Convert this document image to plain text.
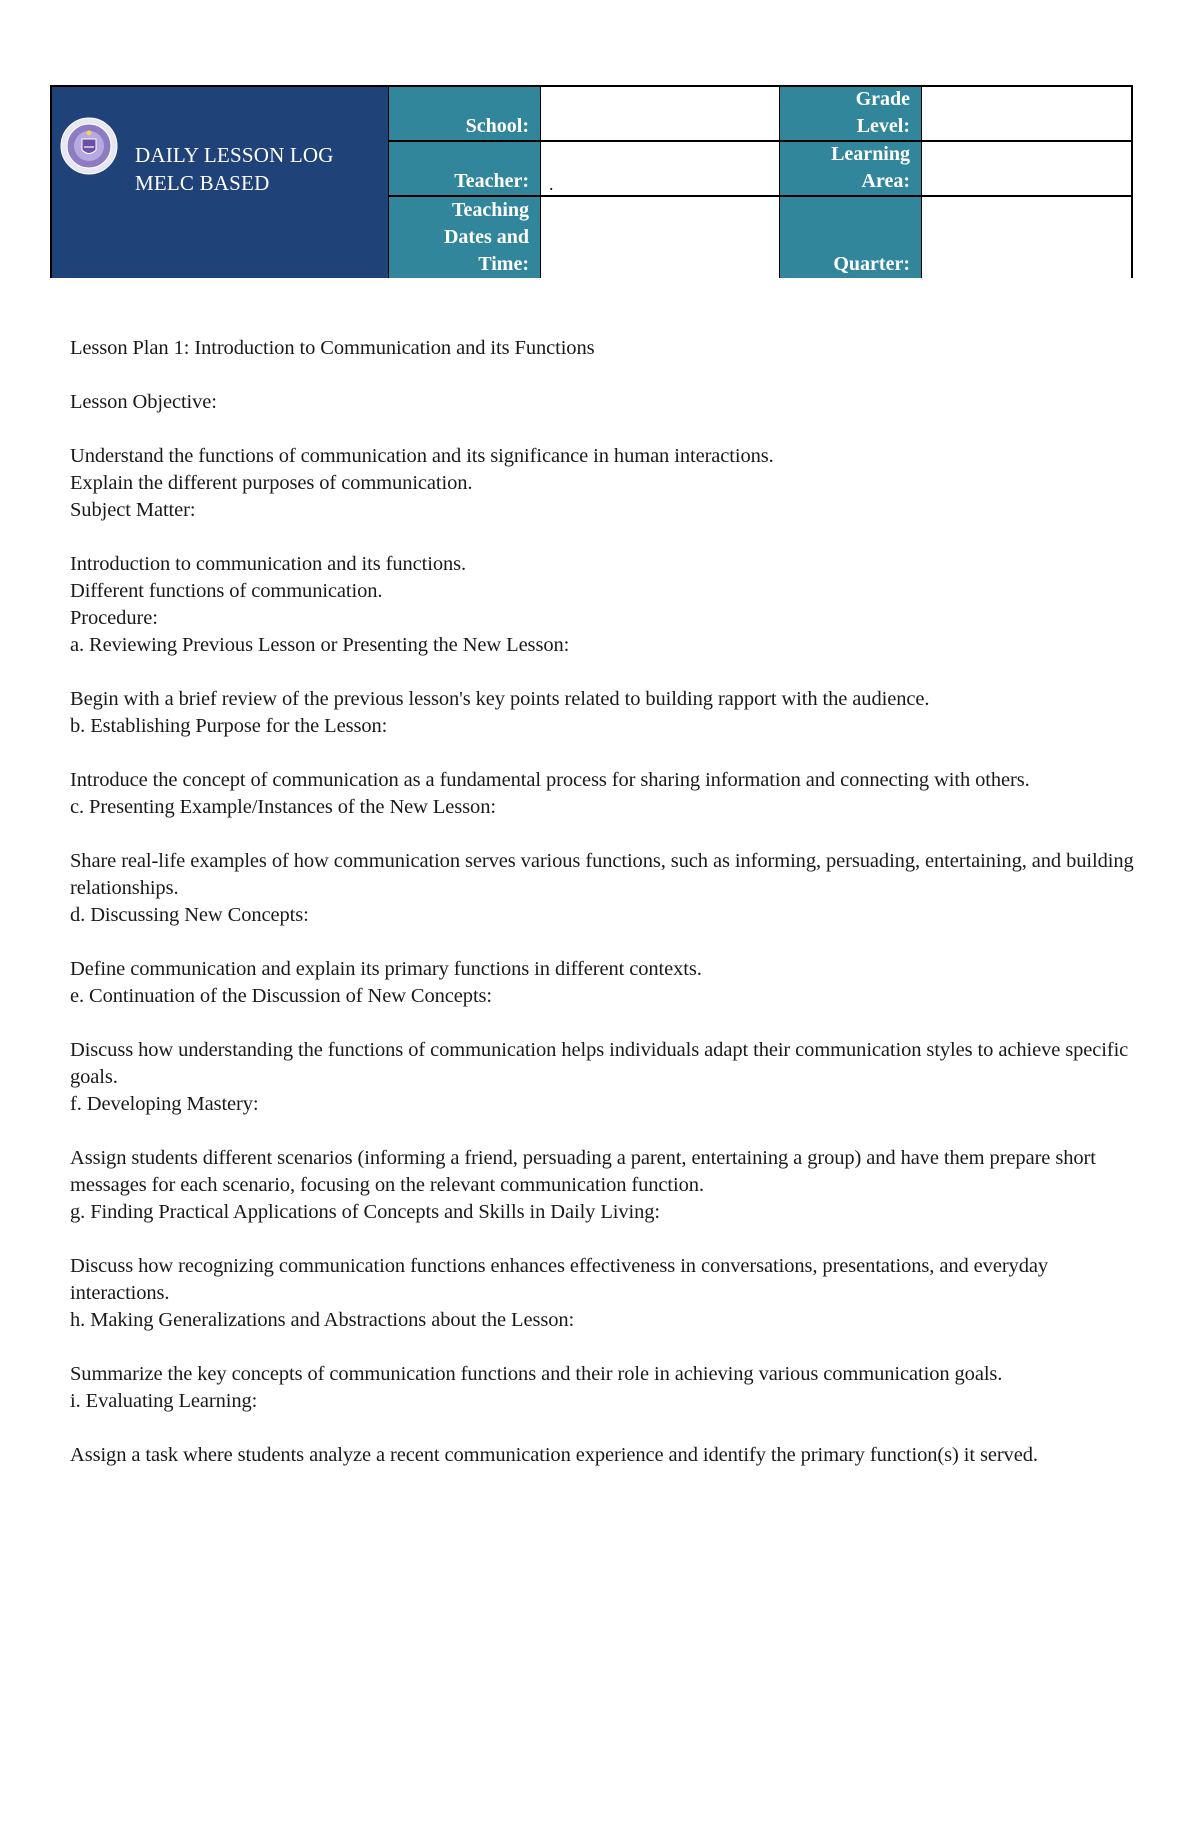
DAILY LESSON LOG
MELC BASED
School:
Grade
Level:
Teacher:	.
Learning
Area:
Teaching
Dates and
Time:	Quarter:

Lesson Plan 1: Introduction to Communication and its Functions

Lesson Objective:

Understand the functions of communication and its significance in human interactions.

Explain the different purposes of communication.

Subject Matter:

Introduction to communication and its functions.

Different functions of communication.

Procedure:

a. Reviewing Previous Lesson or Presenting the New Lesson:

Begin with a brief review of the previous lesson's key points related to building rapport with the audience.

b. Establishing Purpose for the Lesson:

Introduce the concept of communication as a fundamental process for sharing information and connecting with others.

c. Presenting Example/Instances of the New Lesson:

Share real-life examples of how communication serves various functions, such as informing, persuading, entertaining, and building relationships.

d. Discussing New Concepts:

Define communication and explain its primary functions in different contexts.

e. Continuation of the Discussion of New Concepts:

Discuss how understanding the functions of communication helps individuals adapt their communication styles to achieve specific goals.

f. Developing Mastery:

Assign students different scenarios (informing a friend, persuading a parent, entertaining a group) and have them prepare short messages for each scenario, focusing on the relevant communication function.

g. Finding Practical Applications of Concepts and Skills in Daily Living:

Discuss how recognizing communication functions enhances effectiveness in conversations, presentations, and everyday interactions.

h. Making Generalizations and Abstractions about the Lesson:

Summarize the key concepts of communication functions and their role in achieving various communication goals.

i. Evaluating Learning:

Assign a task where students analyze a recent communication experience and identify the primary function(s) it served.
